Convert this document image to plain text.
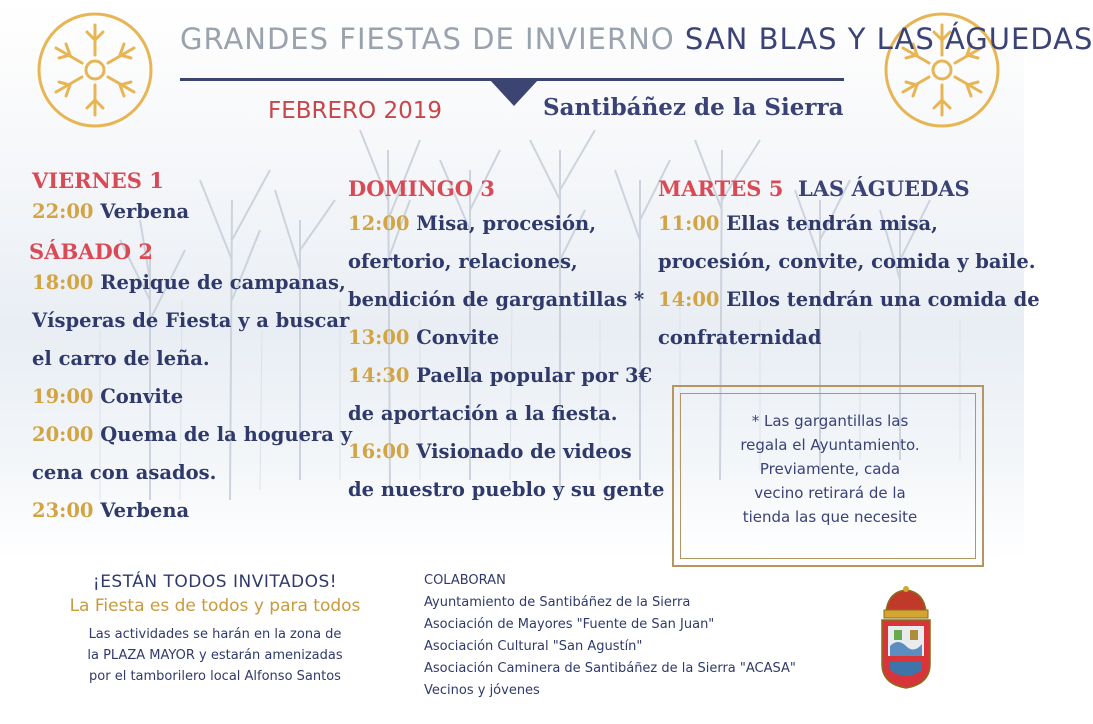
GRANDES FIESTAS DE INVIERNO SAN BLAS Y LAS ÁGUEDAS
FEBRERO 2019	Santibáñez de la Sierra
VIERNES 1
22:00 Verbena
SÁBADO 2
18:00 Repique de campanas,
Vísperas de Fiesta y a buscar
el carro de leña.
19:00 Convite
20:00 Quema de la hoguera y
cena con asados.
23:00 Verbena
DOMINGO 3
12:00 Misa, procesión,
ofertorio, relaciones,
bendición de gargantillas *
13:00 Convite
14:30 Paella popular por 3€
de aportación a la fiesta.
16:00 Visionado de videos
de nuestro pueblo y su gente
MARTES 5 LAS ÁGUEDAS
11:00 Ellas tendrán misa,
procesión, convite, comida y baile.
14:00 Ellos tendrán una comida de
confraternidad
* Las gargantillas las
regala el Ayuntamiento.
Previamente, cada
vecino retirará de la
tienda las que necesite
¡ESTÁN TODOS INVITADOS!
La Fiesta es de todos y para todos
Las actividades se harán en la zona de
la PLAZA MAYOR y estarán amenizadas
por el tamborilero local Alfonso Santos
COLABORAN
Ayuntamiento de Santibáñez de la Sierra
Asociación de Mayores "Fuente de San Juan"
Asociación Cultural "San Agustín"
Asociación Caminera de Santibáñez de la Sierra "ACASA"
Vecinos y jóvenes
